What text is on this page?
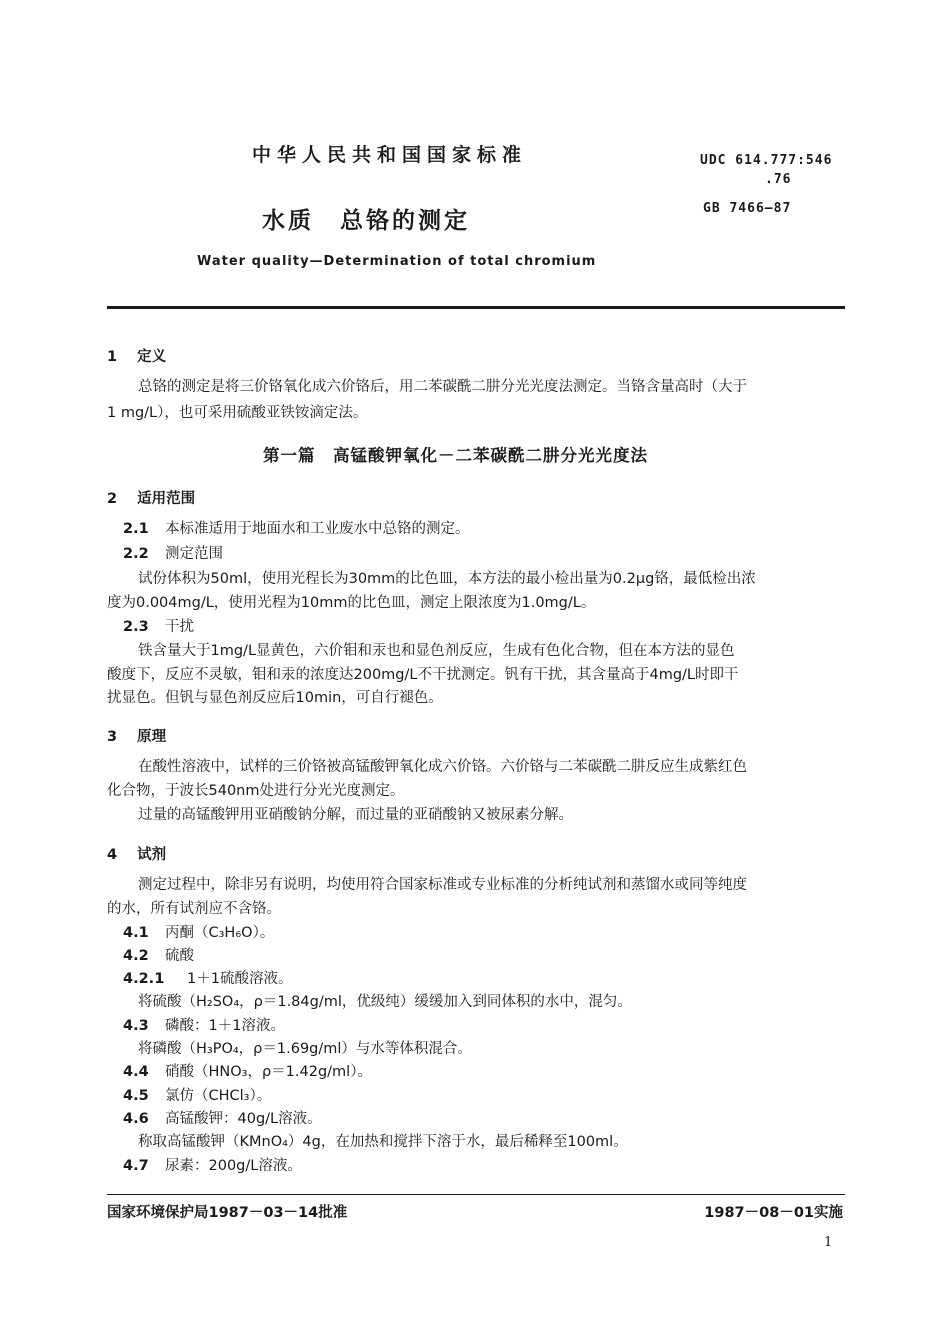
中华人民共和国国家标准
水质　总铬的测定
Water quality—Determination of total chromium
UDC 614.777:546
.76
GB 7466—87
1 定义
总铬的测定是将三价铬氧化成六价铬后，用二苯碳酰二肼分光光度法测定。当铬含量高时（大于
1 mg/L），也可采用硫酸亚铁铵滴定法。
第一篇　高锰酸钾氧化－二苯碳酰二肼分光光度法
2 适用范围
2.1 本标准适用于地面水和工业废水中总铬的测定。
2.2 测定范围
试份体积为50ml，使用光程长为30mm的比色皿，本方法的最小检出量为0.2μg铬，最低检出浓
度为0.004mg/L，使用光程为10mm的比色皿，测定上限浓度为1.0mg/L。
2.3 干扰
铁含量大于1mg/L显黄色，六价钼和汞也和显色剂反应，生成有色化合物，但在本方法的显色
酸度下，反应不灵敏，钼和汞的浓度达200mg/L不干扰测定。钒有干扰，其含量高于4mg/L时即干
扰显色。但钒与显色剂反应后10min，可自行褪色。
3 原理
在酸性溶液中，试样的三价铬被高锰酸钾氧化成六价铬。六价铬与二苯碳酰二肼反应生成紫红色
化合物，于波长540nm处进行分光光度测定。
过量的高锰酸钾用亚硝酸钠分解，而过量的亚硝酸钠又被尿素分解。
4 试剂
测定过程中，除非另有说明，均使用符合国家标准或专业标准的分析纯试剂和蒸馏水或同等纯度
的水，所有试剂应不含铬。
4.1 丙酮（C₃H₆O）。
4.2 硫酸
4.2.1 1＋1硫酸溶液。
将硫酸（H₂SO₄，ρ＝1.84g/ml，优级纯）缓缓加入到同体积的水中，混匀。
4.3 磷酸：1＋1溶液。
将磷酸（H₃PO₄，ρ＝1.69g/ml）与水等体积混合。
4.4 硝酸（HNO₃，ρ＝1.42g/ml）。
4.5 氯仿（CHCl₃）。
4.6 高锰酸钾：40g/L溶液。
称取高锰酸钾（KMnO₄）4g，在加热和搅拌下溶于水，最后稀释至100ml。
4.7 尿素：200g/L溶液。
国家环境保护局1987－03－14批准	1987－08－01实施
1
